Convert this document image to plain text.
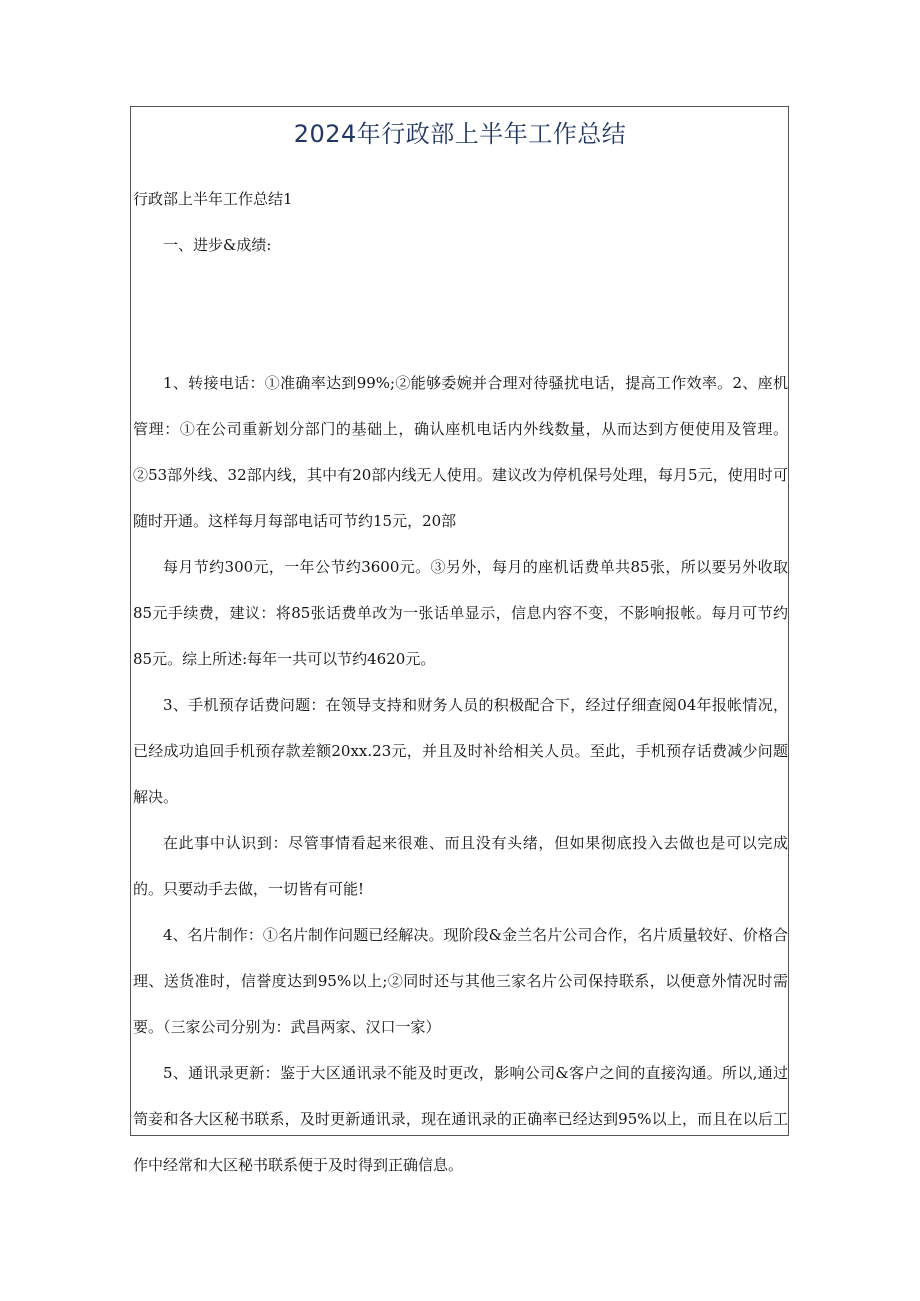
2024年行政部上半年工作总结

行政部上半年工作总结1

一、进步&成绩:

1、转接电话：①准确率达到99%;②能够委婉并合理对待骚扰电话，提高工作效率。2、座机管理：①在公司重新划分部门的基础上，确认座机电话内外线数量，从而达到方便使用及管理。②53部外线、32部内线，其中有20部内线无人使用。建议改为停机保号处理，每月5元，使用时可随时开通。这样每月每部电话可节约15元，20部

每月节约300元，一年公节约3600元。③另外，每月的座机话费单共85张，所以要另外收取85元手续费，建议：将85张话费单改为一张话单显示，信息内容不变，不影响报帐。每月可节约85元。综上所述:每年一共可以节约4620元。

3、手机预存话费问题：在领导支持和财务人员的积极配合下，经过仔细查阅04年报帐情况，已经成功追回手机预存款差额20xx.23元，并且及时补给相关人员。至此，手机预存话费减少问题解决。

在此事中认识到：尽管事情看起来很难、而且没有头绪，但如果彻底投入去做也是可以完成的。只要动手去做，一切皆有可能!

4、名片制作：①名片制作问题已经解决。现阶段&金兰名片公司合作，名片质量较好、价格合理、送货准时，信誉度达到95%以上;②同时还与其他三家名片公司保持联系，以便意外情况时需要。（三家公司分别为：武昌两家、汉口一家）

5、通讯录更新：鉴于大区通讯录不能及时更改，影响公司&客户之间的直接沟通。所以,通过笥妾和各大区秘书联系，及时更新通讯录，现在通讯录的正确率已经达到95%以上，而且在以后工作中经常和大区秘书联系便于及时得到正确信息。
